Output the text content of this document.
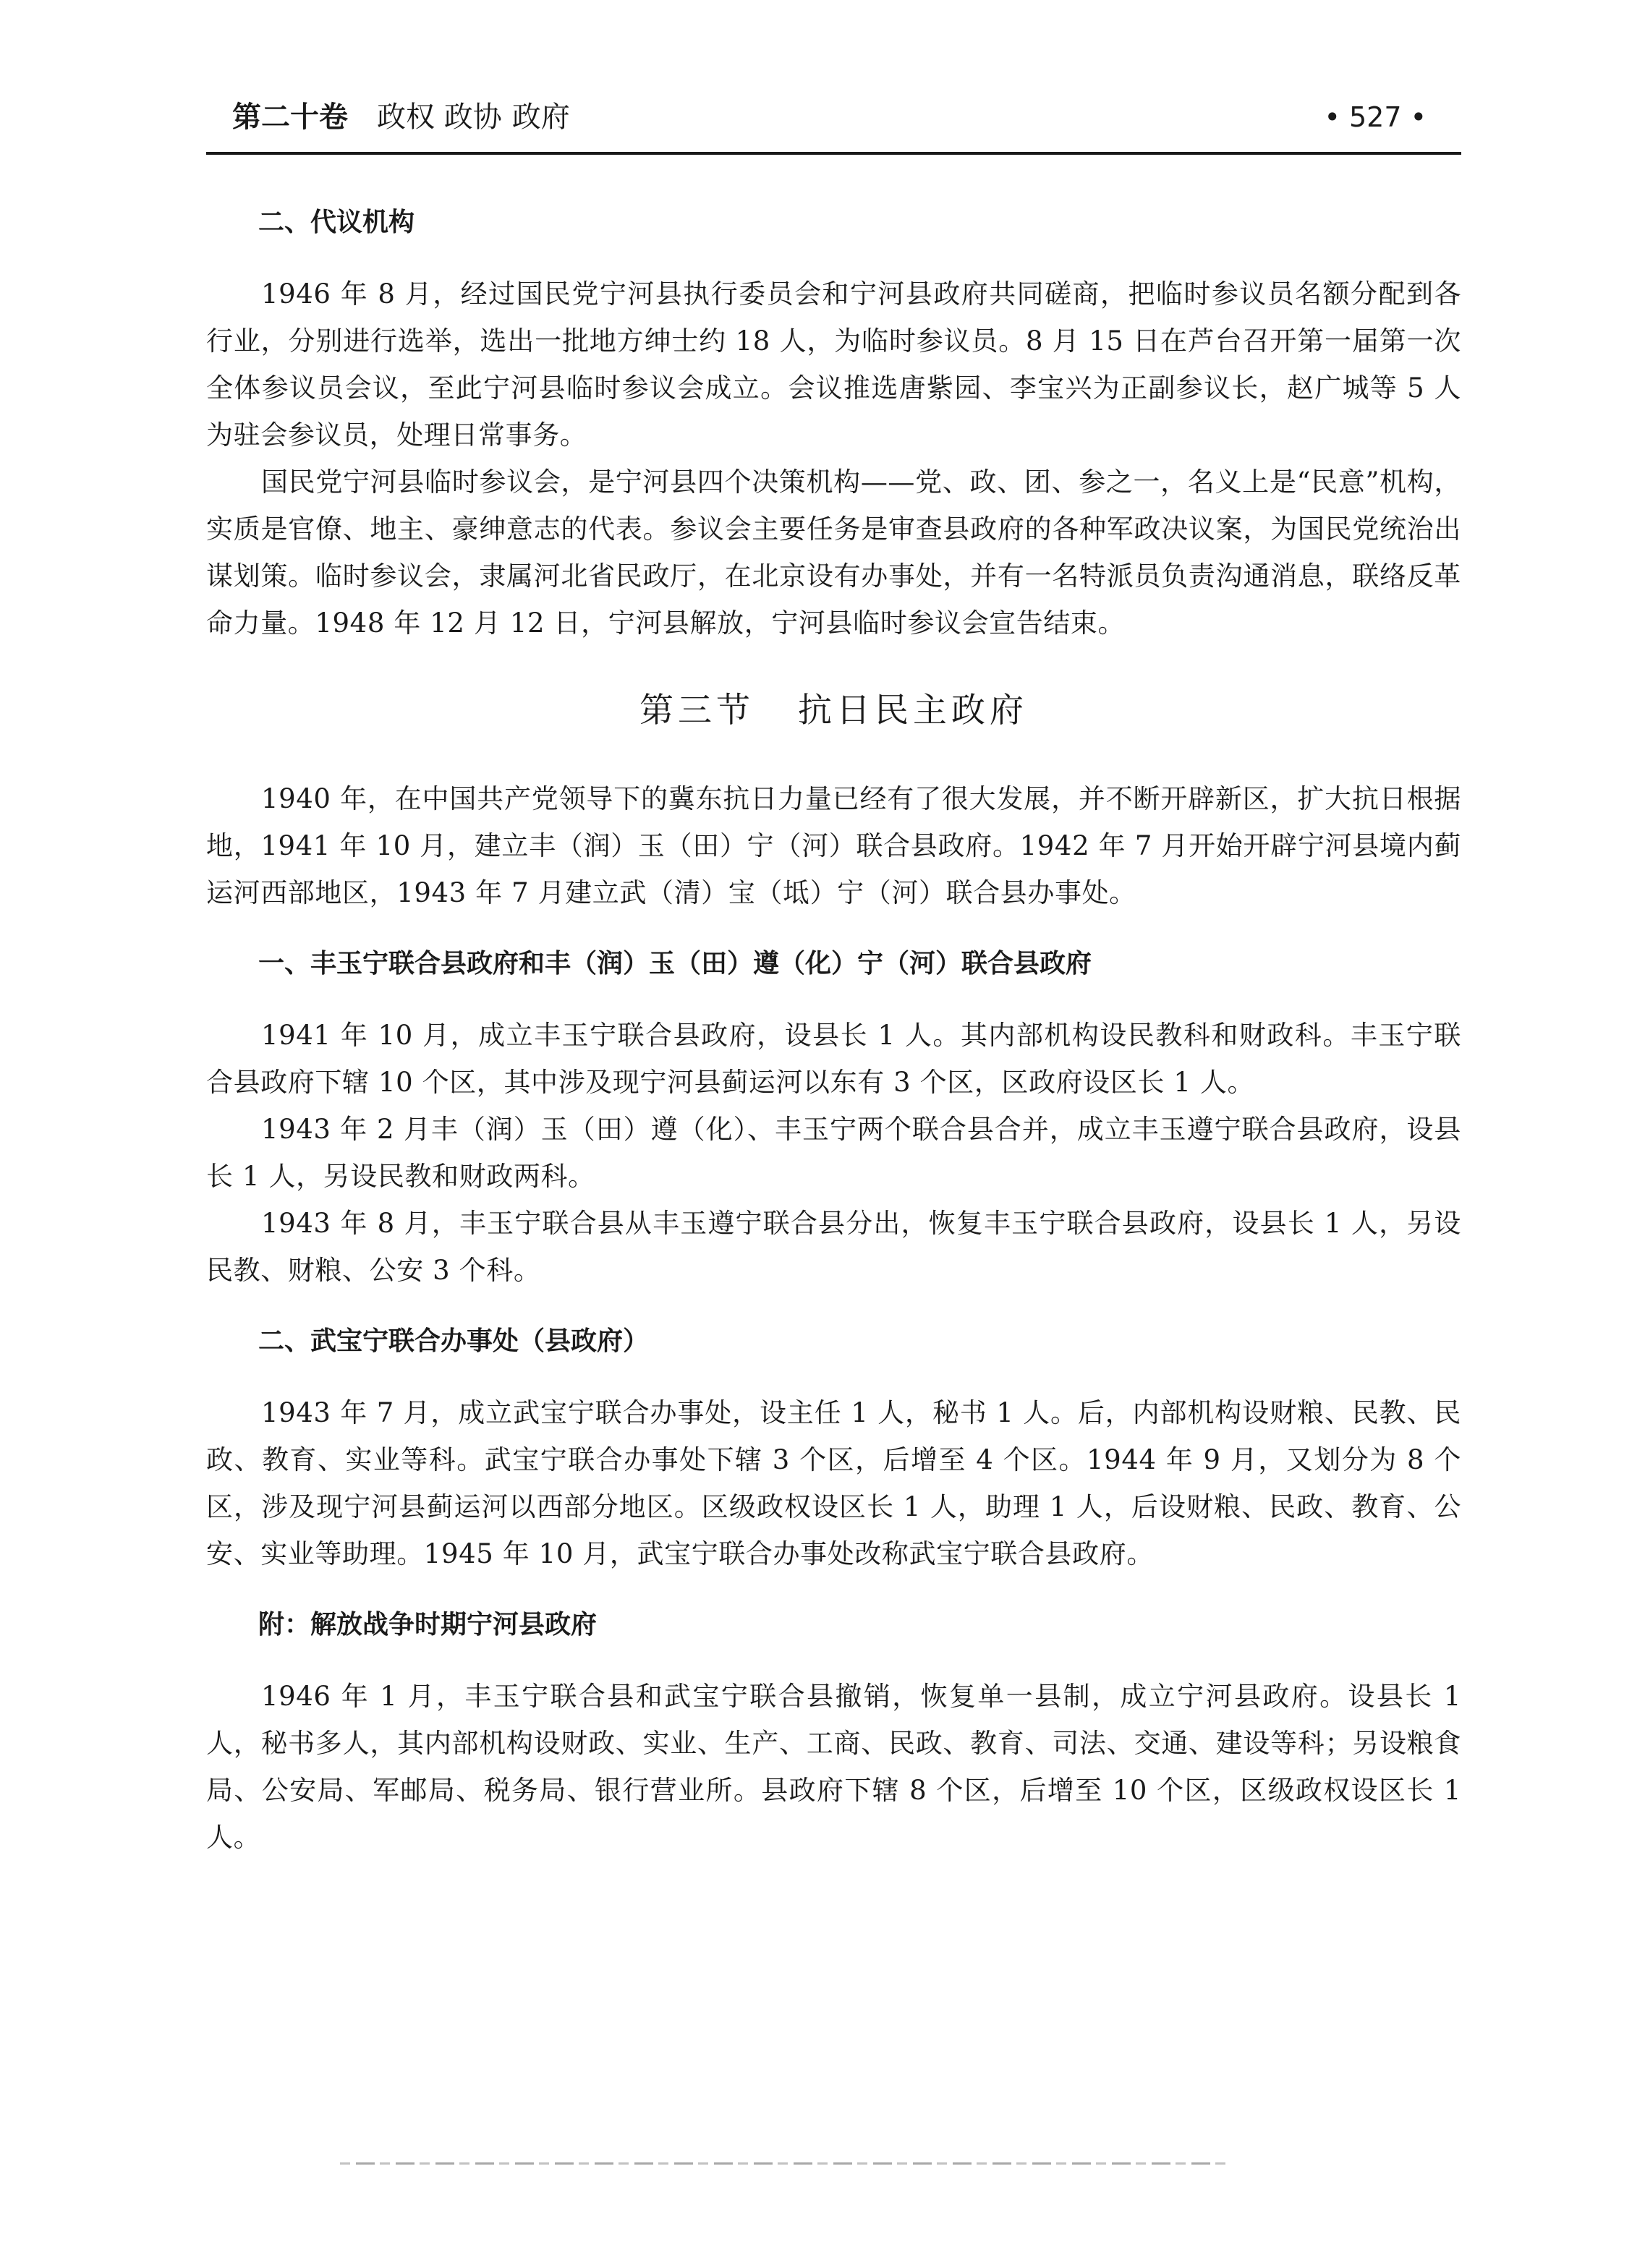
第二十卷 政权 政协 政府	• 527 •
二、代议机构

1946 年 8 月，经过国民党宁河县执行委员会和宁河县政府共同磋商，把临时参议员名额分配到各行业，分别进行选举，选出一批地方绅士约 18 人，为临时参议员。8 月 15 日在芦台召开第一届第一次全体参议员会议，至此宁河县临时参议会成立。会议推选唐紫园、李宝兴为正副参议长，赵广城等 5 人为驻会参议员，处理日常事务。

国民党宁河县临时参议会，是宁河县四个决策机构——党、政、团、参之一，名义上是“民意”机构，实质是官僚、地主、豪绅意志的代表。参议会主要任务是审查县政府的各种军政决议案，为国民党统治出谋划策。临时参议会，隶属河北省民政厅，在北京设有办事处，并有一名特派员负责沟通消息，联络反革命力量。1948 年 12 月 12 日，宁河县解放，宁河县临时参议会宣告结束。

第三节 抗日民主政府

1940 年，在中国共产党领导下的冀东抗日力量已经有了很大发展，并不断开辟新区，扩大抗日根据地，1941 年 10 月，建立丰（润）玉（田）宁（河）联合县政府。1942 年 7 月开始开辟宁河县境内蓟运河西部地区，1943 年 7 月建立武（清）宝（坻）宁（河）联合县办事处。

一、丰玉宁联合县政府和丰（润）玉（田）遵（化）宁（河）联合县政府

1941 年 10 月，成立丰玉宁联合县政府，设县长 1 人。其内部机构设民教科和财政科。丰玉宁联合县政府下辖 10 个区，其中涉及现宁河县蓟运河以东有 3 个区，区政府设区长 1 人。

1943 年 2 月丰（润）玉（田）遵（化）、丰玉宁两个联合县合并，成立丰玉遵宁联合县政府，设县长 1 人，另设民教和财政两科。

1943 年 8 月，丰玉宁联合县从丰玉遵宁联合县分出，恢复丰玉宁联合县政府，设县长 1 人，另设民教、财粮、公安 3 个科。

二、武宝宁联合办事处（县政府）

1943 年 7 月，成立武宝宁联合办事处，设主任 1 人，秘书 1 人。后，内部机构设财粮、民教、民政、教育、实业等科。武宝宁联合办事处下辖 3 个区，后增至 4 个区。1944 年 9 月，又划分为 8 个区，涉及现宁河县蓟运河以西部分地区。区级政权设区长 1 人，助理 1 人，后设财粮、民政、教育、公安、实业等助理。1945 年 10 月，武宝宁联合办事处改称武宝宁联合县政府。

附：解放战争时期宁河县政府

1946 年 1 月，丰玉宁联合县和武宝宁联合县撤销，恢复单一县制，成立宁河县政府。设县长 1 人，秘书多人，其内部机构设财政、实业、生产、工商、民政、教育、司法、交通、建设等科；另设粮食局、公安局、军邮局、税务局、银行营业所。县政府下辖 8 个区，后增至 10 个区，区级政权设区长 1 人。
